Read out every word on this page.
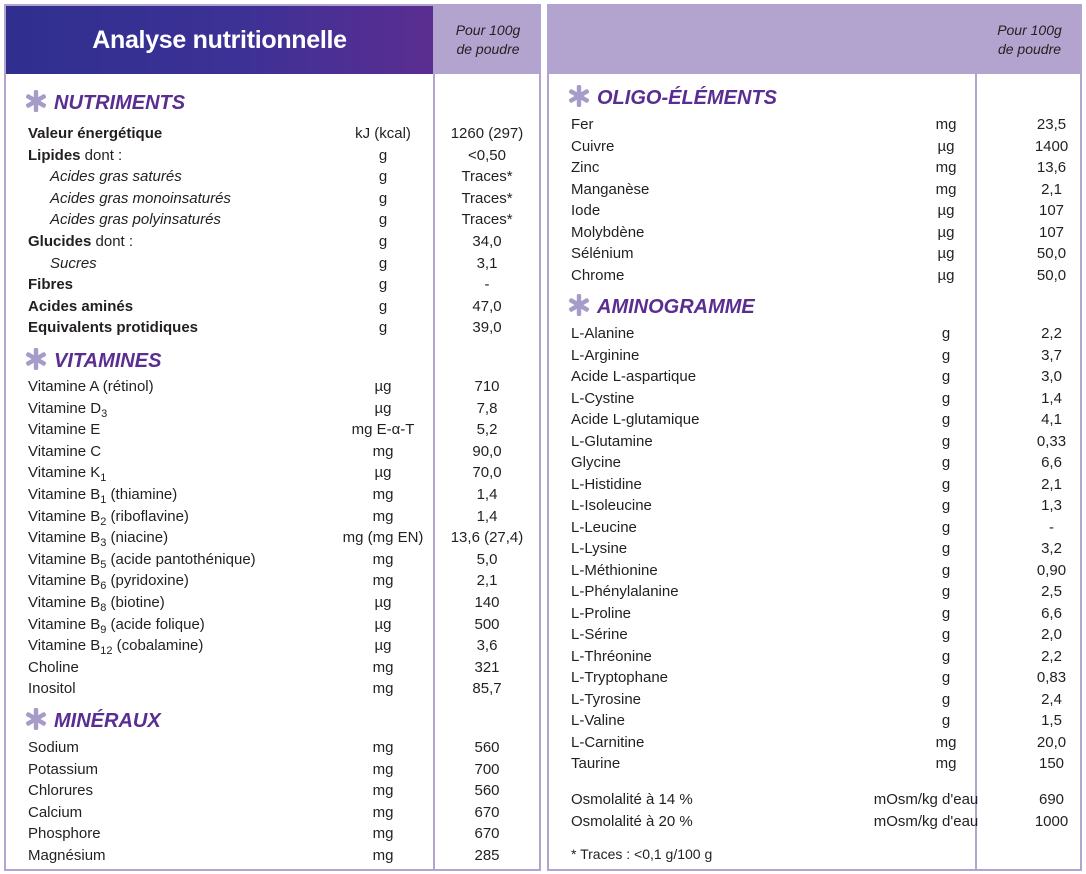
Analyse nutritionnelle	Pour 100g
de poudre
NUTRIMENTS
Valeur énergétique	kJ (kcal)	1260 (297)
Lipides dont :	g	<0,50
Acides gras saturés	g	Traces*
Acides gras monoinsaturés	g	Traces*
Acides gras polyinsaturés	g	Traces*
Glucides dont :	g	34,0
Sucres	g	3,1
Fibres	g	-
Acides aminés	g	47,0
Equivalents protidiques	g	39,0
VITAMINES
Vitamine A (rétinol)	µg	710
Vitamine $D_3$	µg	7,8
Vitamine E	mg E-α-T	5,2
Vitamine C	mg	90,0
Vitamine $K_1$	µg	70,0
Vitamine $B_1$ (thiamine)	mg	1,4
Vitamine $B_2$ (riboflavine)	mg	1,4
Vitamine $B_3$ (niacine)	mg (mg EN)	13,6 (27,4)
Vitamine $B_5$ (acide pantothénique)	mg	5,0
Vitamine $B_6$ (pyridoxine)	mg	2,1
Vitamine $B_8$ (biotine)	µg	140
Vitamine $B_9$ (acide folique)	µg	500
Vitamine $B_{12}$ (cobalamine)	µg	3,6
Choline	mg	321
Inositol	mg	85,7
MINÉRAUX
Sodium	mg	560
Potassium	mg	700
Chlorures	mg	560
Calcium	mg	670
Phosphore	mg	670
Magnésium	mg	285
Pour 100g
de poudre
OLIGO-ÉLÉMENTS
Fer	mg	23,5
Cuivre	µg	1400
Zinc	mg	13,6
Manganèse	mg	2,1
Iode	µg	107
Molybdène	µg	107
Sélénium	µg	50,0
Chrome	µg	50,0
AMINOGRAMME
L-Alanine	g	2,2
L-Arginine	g	3,7
Acide L-aspartique	g	3,0
L-Cystine	g	1,4
Acide L-glutamique	g	4,1
L-Glutamine	g	0,33
Glycine	g	6,6
L-Histidine	g	2,1
L-Isoleucine	g	1,3
L-Leucine	g	-
L-Lysine	g	3,2
L-Méthionine	g	0,90
L-Phénylalanine	g	2,5
L-Proline	g	6,6
L-Sérine	g	2,0
L-Thréonine	g	2,2
L-Tryptophane	g	0,83
L-Tyrosine	g	2,4
L-Valine	g	1,5
L-Carnitine	mg	20,0
Taurine	mg	150
Osmolalité à 14 %	mOsm/kg d'eau	690
Osmolalité à 20 %	mOsm/kg d'eau	1000
* Traces : <0,1 g/100 g
